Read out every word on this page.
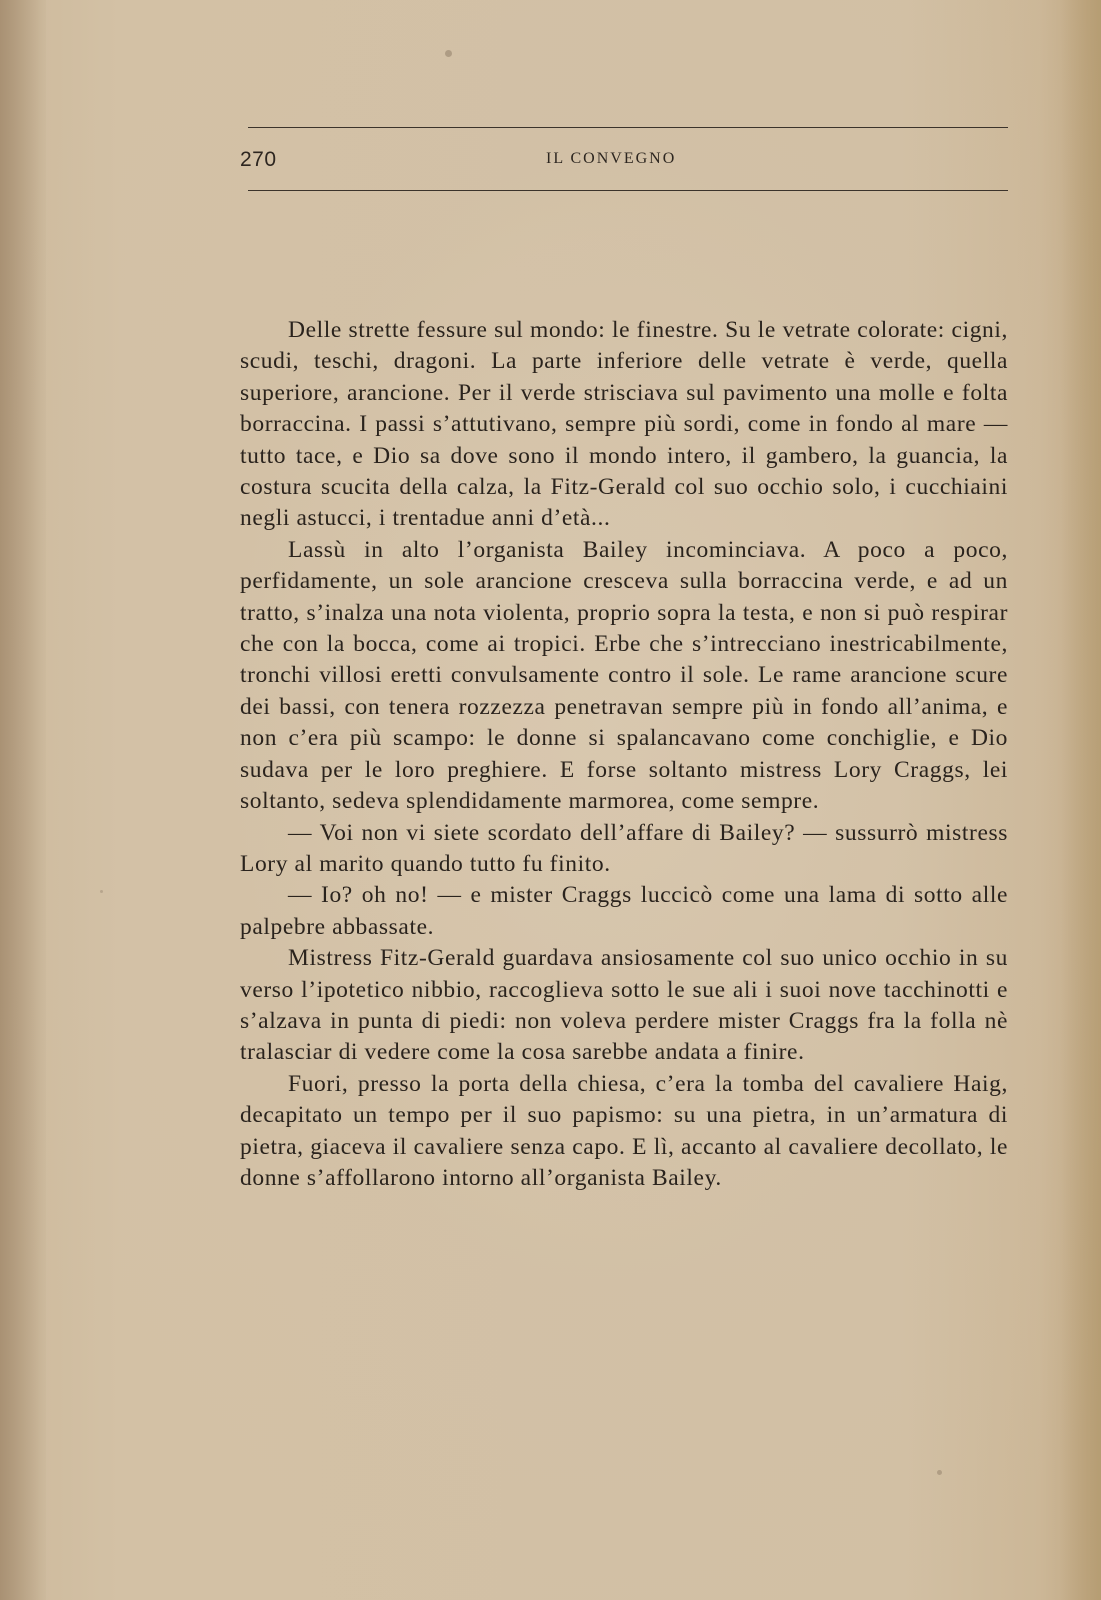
270	IL CONVEGNO

Delle strette fessure sul mondo: le finestre. Su le vetrate colorate: cigni, scudi, teschi, dragoni. La parte inferiore delle vetrate è verde, quella superiore, arancione. Per il verde strisciava sul pavimento una molle e folta borraccina. I passi s’attutivano, sempre più sordi, come in fondo al mare — tutto tace, e Dio sa dove sono il mondo intero, il gambero, la guancia, la costura scucita della calza, la Fitz-Gerald col suo occhio solo, i cucchiaini negli astucci, i trentadue anni d’età...

Lassù in alto l’organista Bailey incominciava. A poco a poco, perfidamente, un sole arancione cresceva sulla borraccina verde, e ad un tratto, s’inalza una nota violenta, proprio sopra la testa, e non si può respirar che con la bocca, come ai tropici. Erbe che s’intrecciano inestricabilmente, tronchi villosi eretti convulsamente contro il sole. Le rame arancione scure dei bassi, con tenera rozzezza penetravan sempre più in fondo all’anima, e non c’era più scampo: le donne si spalancavano come conchiglie, e Dio sudava per le loro preghiere. E forse soltanto mistress Lory Craggs, lei soltanto, sedeva splendidamente marmorea, come sempre.

— Voi non vi siete scordato dell’affare di Bailey? — sussurrò mistress Lory al marito quando tutto fu finito.

— Io? oh no! — e mister Craggs luccicò come una lama di sotto alle palpebre abbassate.

Mistress Fitz-Gerald guardava ansiosamente col suo unico occhio in su verso l’ipotetico nibbio, raccoglieva sotto le sue ali i suoi nove tacchinotti e s’alzava in punta di piedi: non voleva perdere mister Craggs fra la folla nè tralasciar di vedere come la cosa sarebbe andata a finire.

Fuori, presso la porta della chiesa, c’era la tomba del cavaliere Haig, decapitato un tempo per il suo papismo: su una pietra, in un’armatura di pietra, giaceva il cavaliere senza capo. E lì, accanto al cavaliere decollato, le donne s’affollarono intorno all’organista Bailey.
